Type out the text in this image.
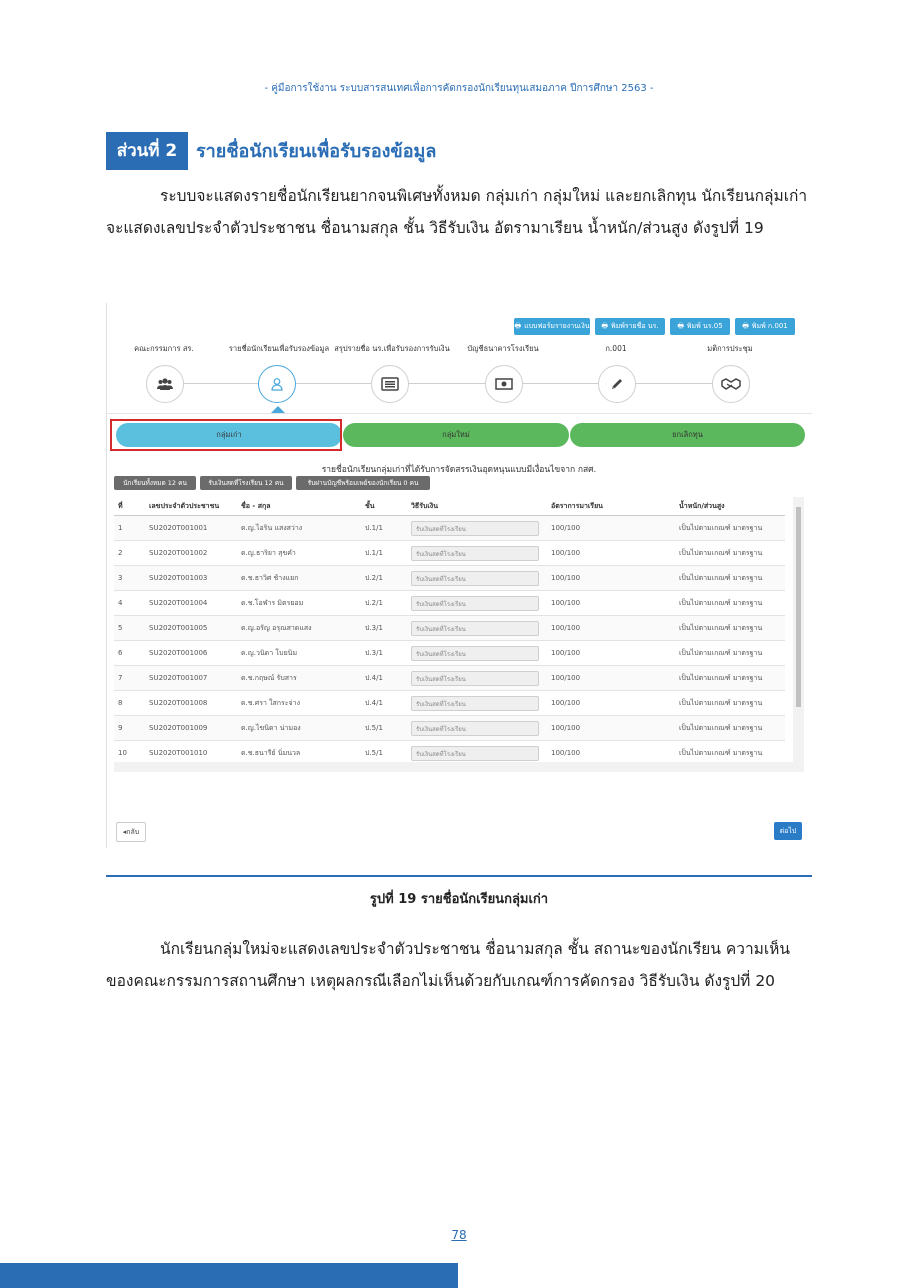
- คู่มือการใช้งาน ระบบสารสนเทศเพื่อการคัดกรองนักเรียนทุนเสมอภาค ปีการศึกษา 2563 -
ส่วนที่ 2	รายชื่อนักเรียนเพื่อรับรองข้อมูล
ระบบจะแสดงรายชื่อนักเรียนยากจนพิเศษทั้งหมด กลุ่มเก่า กลุ่มใหม่ และยกเลิกทุน นักเรียนกลุ่มเก่าจะแสดงเลขประจำตัวประชาชน ชื่อนามสกุล ชั้น วิธีรับเงิน อัตรามาเรียน น้ำหนัก/ส่วนสูง ดังรูปที่ 19
🖶 แบบฟอร์มรายงานเงิน	🖶 พิมพ์รายชื่อ นร.	🖶 พิมพ์ นร.05	🖶 พิมพ์ ก.001
คณะกรรมการ สร.	รายชื่อนักเรียนเพื่อรับรองข้อมูล สรุปรายชื่อ นร.เพื่อรับรองการรับเงิน	บัญชีธนาคารโรงเรียน	ก.001	มติการประชุม
กลุ่มเก่า	กลุ่มใหม่	ยกเลิกทุน
รายชื่อนักเรียนกลุ่มเก่าที่ได้รับการจัดสรรเงินอุดหนุนแบบมีเงื่อนไขจาก กสศ.
นักเรียนทั้งหมด 12 คน	รับเงินสดที่โรงเรียน 12 คน	รับผ่านบัญชีพร้อมเพย์ของนักเรียน 0 คน
ที่	เลขประจำตัวประชาชน	ชื่อ - สกุล	ชั้น	วิธีรับเงิน	อัตราการมาเรียน	น้ำหนัก/ส่วนสูง
1	SU2020T001001	ด.ญ.ไอริน แสงสว่าง	ป.1/1	รับเงินสดที่โรงเรียน	100/100	เป็นไปตามเกณฑ์ มาตรฐาน
2	SU2020T001002	ด.ญ.ธาริยา สุขคำ	ป.1/1	รับเงินสดที่โรงเรียน	100/100	เป็นไปตามเกณฑ์ มาตรฐาน
3	SU2020T001003	ด.ช.ธาวิศ ช้างแยก	ป.2/1	รับเงินสดที่โรงเรียน	100/100	เป็นไปตามเกณฑ์ มาตรฐาน
4	SU2020T001004	ด.ช.โอฬาร มิตรยอม	ป.2/1	รับเงินสดที่โรงเรียน	100/100	เป็นไปตามเกณฑ์ มาตรฐาน
5	SU2020T001005	ด.ญ.อรัญ อรุณสาดแสง	ป.3/1	รับเงินสดที่โรงเรียน	100/100	เป็นไปตามเกณฑ์ มาตรฐาน
6	SU2020T001006	ด.ญ.วนิดา โบยนิม	ป.3/1	รับเงินสดที่โรงเรียน	100/100	เป็นไปตามเกณฑ์ มาตรฐาน
7	SU2020T001007	ด.ช.กฤษณ์ รับสาร	ป.4/1	รับเงินสดที่โรงเรียน	100/100	เป็นไปตามเกณฑ์ มาตรฐาน
8	SU2020T001008	ด.ช.ศรา ใสกระจ่าง	ป.4/1	รับเงินสดที่โรงเรียน	100/100	เป็นไปตามเกณฑ์ มาตรฐาน
9	SU2020T001009	ด.ญ.ไขนิดา น่ามอง	ป.5/1	รับเงินสดที่โรงเรียน	100/100	เป็นไปตามเกณฑ์ มาตรฐาน
10	SU2020T001010	ด.ช.ธนารีย์ นิ่มนวล	ป.5/1	รับเงินสดที่โรงเรียน	100/100	เป็นไปตามเกณฑ์ มาตรฐาน
◂กลับ	ต่อไป
รูปที่ 19 รายชื่อนักเรียนกลุ่มเก่า
นักเรียนกลุ่มใหม่จะแสดงเลขประจำตัวประชาชน ชื่อนามสกุล ชั้น สถานะของนักเรียน ความเห็นของคณะกรรมการสถานศึกษา เหตุผลกรณีเลือกไม่เห็นด้วยกับเกณฑ์การคัดกรอง วิธีรับเงิน ดังรูปที่ 20
78
